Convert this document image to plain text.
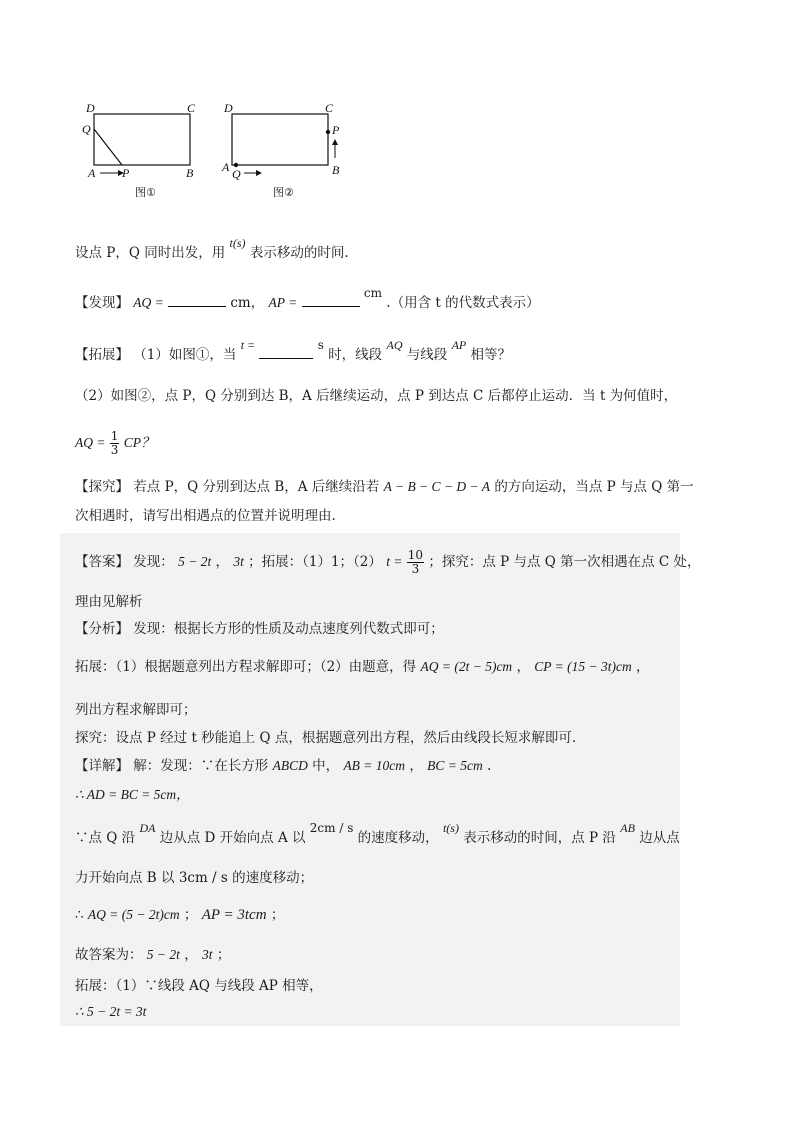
D	C
Q
A P	B
图①
D	C
P
A Q	B
图②
设点 P，Q 同时出发，用 t(s) 表示移动的时间.
【发现】 AQ =	cm， AP =  cm .（用含 t 的代数式表示）
【拓展】 （1）如图①，当 t =	s 时，线段 AQ 与线段 AP 相等？
（2）如图②，点 P，Q 分别到达 B，A 后继续运动，点 P 到达点 C 后都停止运动．当 t 为何值时，
AQ = $\frac{1}{3}$ CP？
【探究】 若点 P，Q 分别到达点 B，A 后继续沿若 A − B − C − D − A 的方向运动，当点 P 与点 Q 第一
次相遇时，请写出相遇点的位置并说明理由.
【答案】 发现： 5 − 2t ， 3t ；拓展：（1）1；（2） $t = \frac{10}{3}$ ；探究：点 P 与点 Q 第一次相遇在点 C 处，
理由见解析
【分析】 发现：根据长方形的性质及动点速度列代数式即可；
拓展：（1）根据题意列出方程求解即可；（2）由题意，得 AQ = (2t − 5)cm ， CP = (15 − 3t)cm ，
列出方程求解即可；
探究：设点 P 经过 t 秒能追上 Q 点，根据题意列出方程，然后由线段长短求解即可.
【详解】 解：发现：∵在长方形 ABCD 中， AB = 10cm ， BC = 5cm .
∴ AD = BC = 5cm，
∵点 Q 沿 DA 边从点 D 开始向点 A 以 2cm / s 的速度移动， t(s) 表示移动的时间，点 P 沿 AB 边从点
力开始向点 B 以 3cm / s 的速度移动；
∴ AQ = (5 − 2t)cm ； AP = 3tcm ；
故答案为： 5 − 2t ， 3t ；
拓展：（1）∵线段 AQ 与线段 AP 相等，
∴ 5 − 2t = 3t
